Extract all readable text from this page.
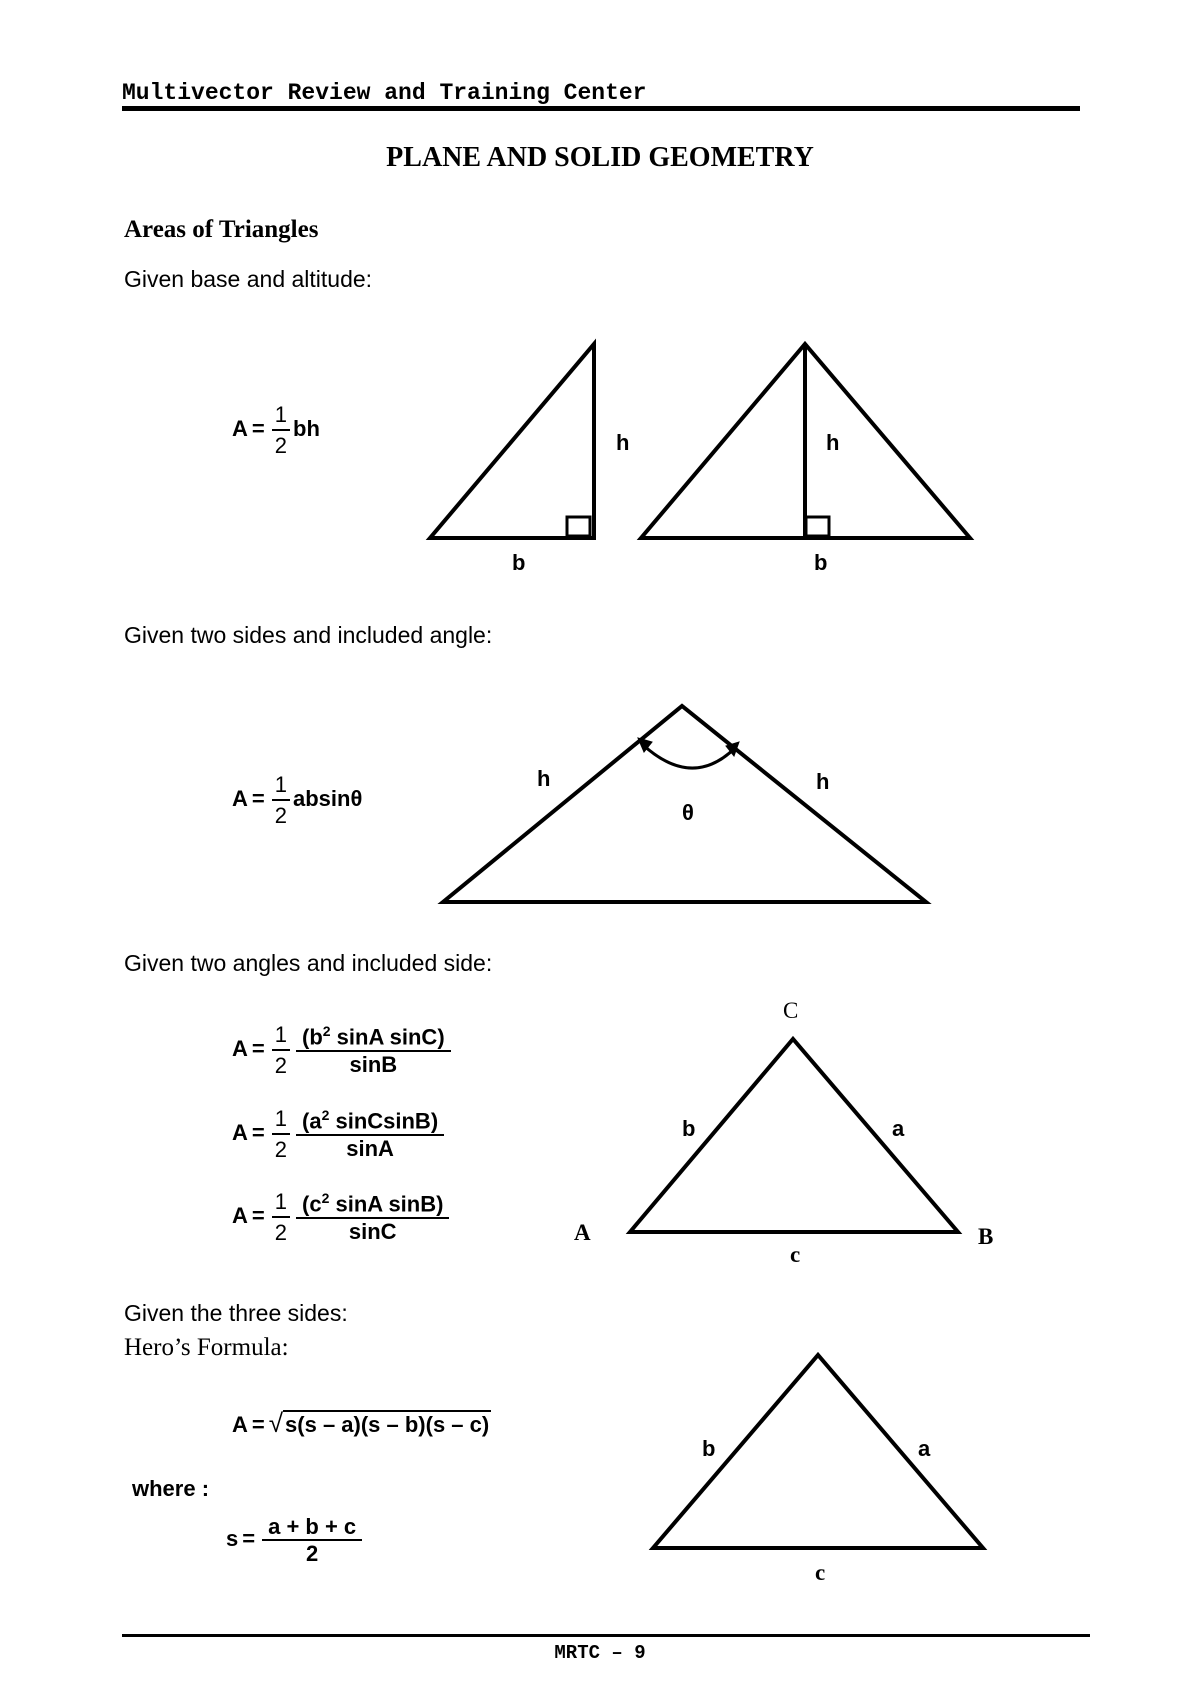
Multivector Review and Training Center
PLANE AND SOLID GEOMETRY
Areas of Triangles
Given base and altitude:
$A = \frac{1}{2}$ bh
Given two sides and included angle:
$A = \frac{1}{2}$ absinθ
Given two angles and included side:
$A = \frac{1}{2} \frac{(b^2 \sin A \sin C)}{\sin B}$
$A = \frac{1}{2} \frac{(a^2 sinCsinB)}{\sin A}$
$A = \frac{1}{2} \frac{(c^2 \sin A \sin B)}{\sin C}$
Given the three sides:
Hero’s Formula:
A = √s(s – a)(s – b)(s – c)
where :
$s = \frac{a + b + c}{2}$
h
b
h
b
h	h
θ
C
A	B
b	a
c
b	a
c
MRTC – 9
